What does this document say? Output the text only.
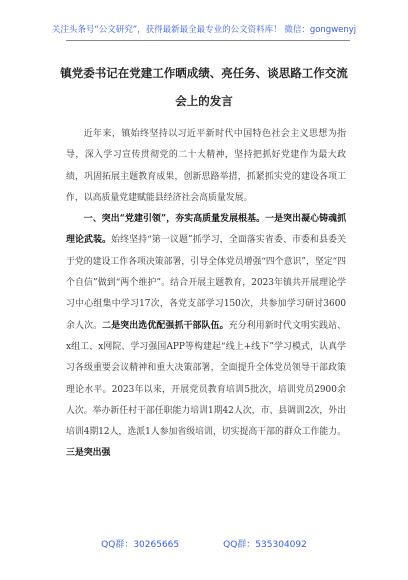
关注头条号“公文研究”，获得最新最全最专业的公文资料库！ 微信：gongwenyj
镇党委书记在党建工作晒成绩、亮任务、谈思路工作交流
会上的发言

近年来，镇始终坚持以习近平新时代中国特色社会主义思想为指导，深入学习宣传贯彻党的二十大精神，坚持把抓好党建作为最大政绩，巩固拓展主题教育成果，创新思路举措，抓紧抓实党的建设各项工作，以高质量党建赋能县经济社会高质量发展。

一、突出“党建引领”，夯实高质量发展根基。一是突出凝心铸魂抓理论武装。始终坚持“第一议题”抓学习，全面落实省委、市委和县委关于党的建设工作各项决策部署，引导全体党员增强“四个意识”，坚定“四个自信”做到“两个维护”。结合开展主题教育，2023年镇共开展理论学习中心组集中学习17次，各党支部学习150次，共参加学习研讨3600余人次。二是突出选优配强抓干部队伍。充分利用新时代文明实践站、x组工、x网院、学习强国APP等构建起“线上+线下”学习模式，认真学习各级重要会议精神和重大决策部署，全面提升全体党员领导干部政策理论水平。2023年以来，开展党员教育培训5批次，培训党员2900余人次。举办新任村干部任职能力培训1期42人次，市、县调训2次，外出培训4期12人，选派1人参加省级培训，切实提高干部的群众工作能力。三是突出强

QQ群：30265665	QQ群：535304092
